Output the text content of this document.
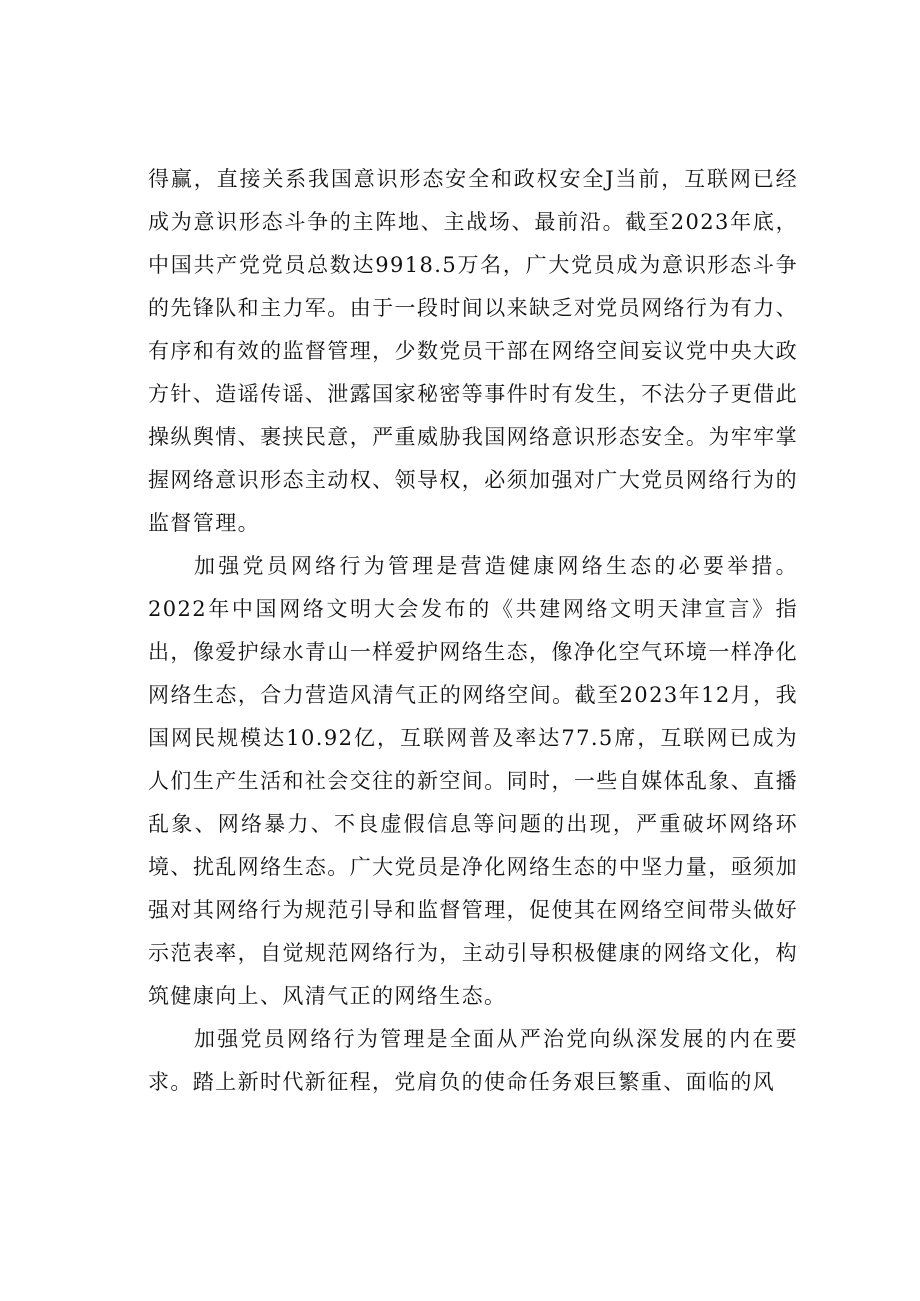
得赢，直接关系我国意识形态安全和政权安全J当前，互联网已经成为意识形态斗争的主阵地、主战场、最前沿。截至2023年底，中国共产党党员总数达9918.5万名，广大党员成为意识形态斗争的先锋队和主力军。由于一段时间以来缺乏对党员网络行为有力、有序和有效的监督管理，少数党员干部在网络空间妄议党中央大政方针、造谣传谣、泄露国家秘密等事件时有发生，不法分子更借此操纵舆情、裹挟民意，严重威胁我国网络意识形态安全。为牢牢掌握网络意识形态主动权、领导权，必须加强对广大党员网络行为的监督管理。

加强党员网络行为管理是营造健康网络生态的必要举措。2022年中国网络文明大会发布的《共建网络文明天津宣言》指出，像爱护绿水青山一样爱护网络生态，像净化空气环境一样净化网络生态，合力营造风清气正的网络空间。截至2023年12月，我国网民规模达10.92亿，互联网普及率达77.5席，互联网已成为人们生产生活和社会交往的新空间。同时，一些自媒体乱象、直播乱象、网络暴力、不良虚假信息等问题的出现，严重破坏网络环境、扰乱网络生态。广大党员是净化网络生态的中坚力量，亟须加强对其网络行为规范引导和监督管理，促使其在网络空间带头做好示范表率，自觉规范网络行为，主动引导积极健康的网络文化，构筑健康向上、风清气正的网络生态。

加强党员网络行为管理是全面从严治党向纵深发展的内在要求。踏上新时代新征程，党肩负的使命任务艰巨繁重、面临的风
